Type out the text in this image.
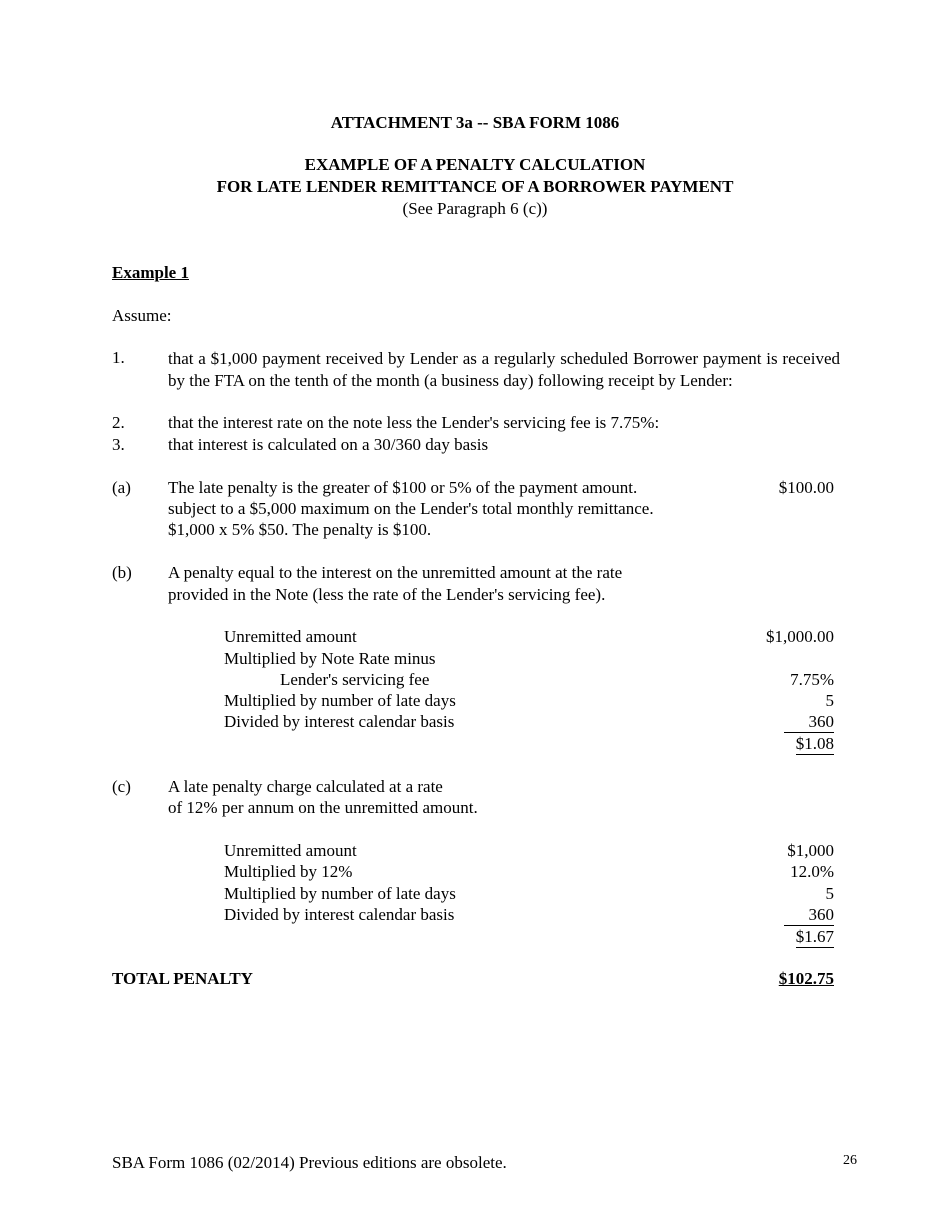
ATTACHMENT 3a -- SBA FORM 1086
EXAMPLE OF A PENALTY CALCULATION
FOR LATE LENDER REMITTANCE OF A BORROWER PAYMENT
(See Paragraph 6 (c))
Example 1
Assume:
1.	that a $1,000 payment received by Lender as a regularly scheduled Borrower payment is received by the FTA on the tenth of the month (a business day) following receipt by Lender:
2.	that the interest rate on the note less the Lender's servicing fee is 7.75%:
3.	that interest is calculated on a 30/360 day basis
(a) The late penalty is the greater of $100 or 5% of the payment amount.
subject to a $5,000 maximum on the Lender's total monthly remittance.
$1,000 x 5% $50. The penalty is $100.
$100.00
(b) A penalty equal to the interest on the unremitted amount at the rate
provided in the Note (less the rate of the Lender's servicing fee).
Unremitted amount	$1,000.00
Multiplied by Note Rate minus
Lender's servicing fee	7.75%
Multiplied by number of late days	5
Divided by interest calendar basis	360
$1.08
(c) A late penalty charge calculated at a rate
of 12% per annum on the unremitted amount.
Unremitted amount	$1,000
Multiplied by 12%	12.0%
Multiplied by number of late days	5
Divided by interest calendar basis	360
$1.67
TOTAL PENALTY	$102.75
SBA Form 1086 (02/2014) Previous editions are obsolete.	26
